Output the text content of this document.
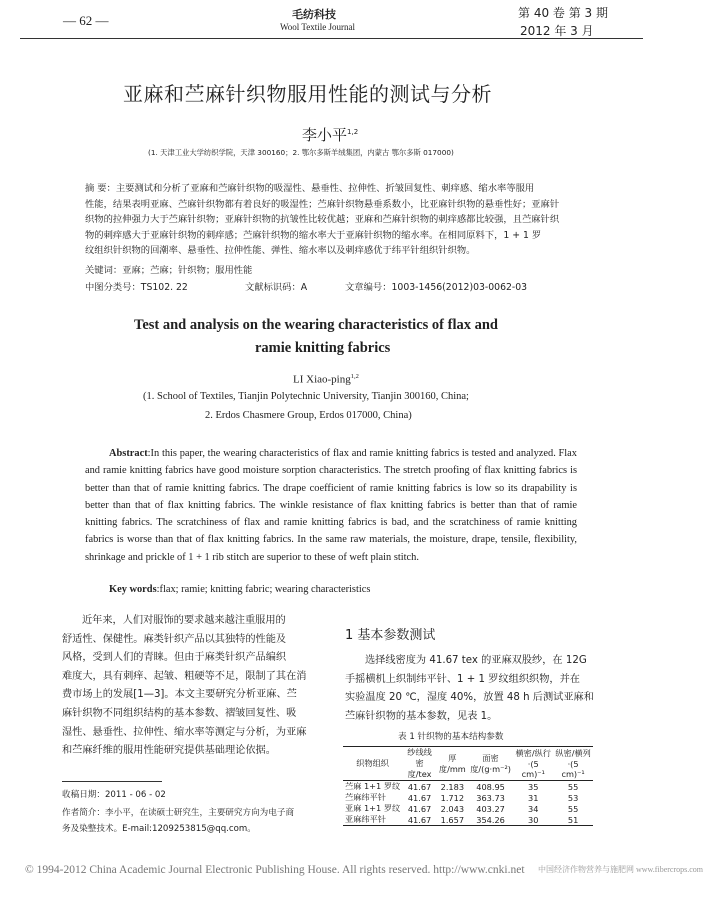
毛纺科技
Wool Textile Journal
— 62 —	第 40 卷 第 3 期
2012 年 3 月
亚麻和苎麻针织物服用性能的测试与分析
李小平$^{1,2}$
(1. 天津工业大学纺织学院，天津 300160；2. 鄂尔多斯羊绒集团，内蒙古 鄂尔多斯 017000)
摘 要：主要测试和分析了亚麻和苎麻针织物的吸湿性、悬垂性、拉伸性、折皱回复性、刺痒感、缩水率等服用
性能，结果表明亚麻、苎麻针织物都有着良好的吸湿性；苎麻针织物悬垂系数小，比亚麻针织物的悬垂性好；亚麻针
织物的拉伸强力大于苎麻针织物；亚麻针织物的抗皱性比较优越；亚麻和苎麻针织物的刺痒感都比较强，且苎麻针织
物的刺痒感大于亚麻针织物的刺痒感；苎麻针织物的缩水率大于亚麻针织物的缩水率。在相同原料下，1 + 1 罗
纹组织针织物的回潮率、悬垂性、拉伸性能、弹性、缩水率以及刺痒感优于纬平针组织针织物。
关键词：亚麻；苎麻；针织物；服用性能
中图分类号：TS102. 22	文献标识码：A	文章编号：1003-1456(2012)03-0062-03
Test and analysis on the wearing characteristics of flax and
ramie knitting fabrics
LI Xiao-ping$^{1,2}$
(1. School of Textiles, Tianjin Polytechnic University, Tianjin 300160, China;
2. Erdos Chasmere Group, Erdos 017000, China)
Abstract:In this paper, the wearing characteristics of flax and ramie knitting fabrics is tested and analyzed. Flax and ramie knitting fabrics have good moisture sorption characteristics. The stretch proofing of flax knitting fabrics is better than that of ramie knitting fabrics. The drape coefficient of ramie knitting fabrics is low so its drapability is better than that of flax knitting fabrics. The winkle resistance of flax knitting fabrics is better than that of ramie knitting fabrics. The scratchiness of flax and ramie knitting fabrics is bad, and the scratchiness of ramie knitting fabrics is worse than that of flax knitting fabrics. In the same raw materials, the moisture, drape, tensile, flexibility, shrinkage and prickle of 1 + 1 rib stitch are superior to these of weft plain stitch.
Key words:flax; ramie; knitting fabric; wearing characteristics
近年来，人们对服饰的要求越来越注重服用的
舒适性、保健性。麻类针织产品以其独特的性能及
风格，受到人们的青睐。但由于麻类针织产品编织
难度大，具有刺痒、起皱、粗硬等不足，限制了其在消
费市场上的发展[1—3]。本文主要研究分析亚麻、苎
麻针织物不同组织结构的基本参数、褶皱回复性、吸
湿性、悬垂性、拉伸性、缩水率等测定与分析，为亚麻
和苎麻纤维的服用性能研究提供基础理论依据。
收稿日期：2011 - 06 - 02
作者简介：李小平，在读硕士研究生，主要研究方向为电子商
务及染整技术。E-mail:1209253815@qq.com。
1 基本参数测试
选择线密度为 41.67 tex 的亚麻双股纱，在 12G
手摇横机上织制纬平针、1 + 1 罗纹组织织物，并在
实验温度 20 ℃，湿度 40%，放置 48 h 后测试亚麻和
苎麻针织物的基本参数，见表 1。
表 1 针织物的基本结构参数
织物组织	纱线线密度/tex	厚度/mm	面密度/(g·m⁻²)	横密/纵行·(5 cm)⁻¹	纵密/横列·(5 cm)⁻¹
苎麻 1+1 罗纹	41.67	2.183	408.95	35	55
苎麻纬平针	41.67	1.712	363.73	31	53
亚麻 1+1 罗纹	41.67	2.043	403.27	34	55
亚麻纬平针	41.67	1.657	354.26	30	51
© 1994-2012 China Academic Journal Electronic Publishing House. All rights reserved. http://www.cnki.net 中国经济作物营养与施肥网 www.fibercrops.com
